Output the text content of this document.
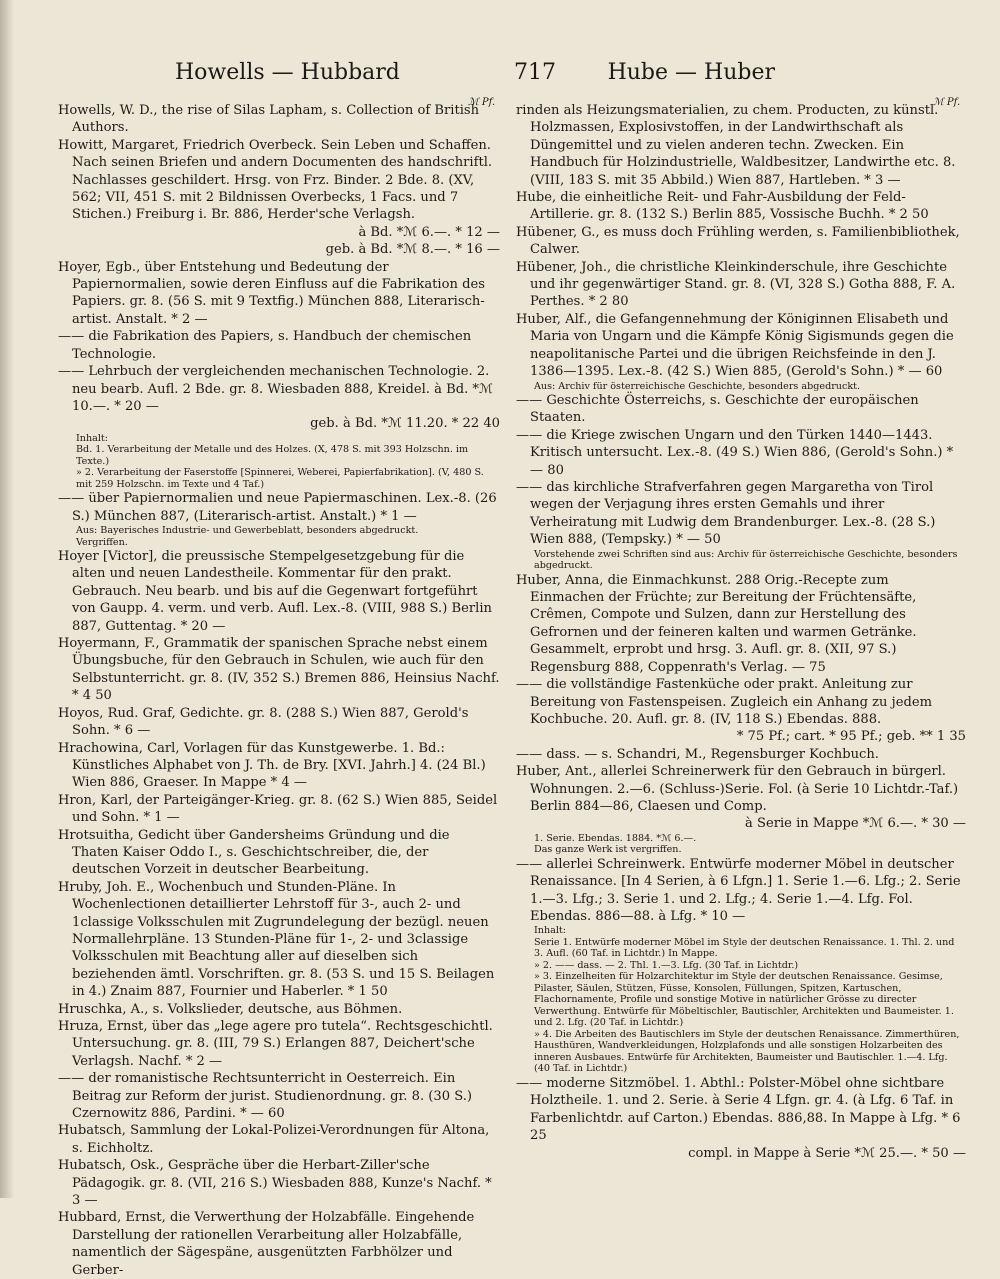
Howells — Hubbard	717 Hube — Huber
ℳ Pf.	ℳ Pf.
Howells, W. D., the rise of Silas Lapham, s. Collection of British Authors.
Howitt, Margaret, Friedrich Overbeck. Sein Leben und Schaffen. Nach seinen Briefen und andern Documenten des handschriftl. Nachlasses geschildert. Hrsg. von Frz. Binder. 2 Bde. 8. (XV, 562; VII, 451 S. mit 2 Bildnissen Overbecks, 1 Facs. und 7 Stichen.) Freiburg i. Br. 886, Herder'sche Verlagsh.
à Bd. *ℳ 6.—. * 12 —
geb. à Bd. *ℳ 8.—. * 16 —
Hoyer, Egb., über Entstehung und Bedeutung der Papiernormalien, sowie deren Einfluss auf die Fabrikation des Papiers. gr. 8. (56 S. mit 9 Textfig.) München 888, Literarisch-artist. Anstalt. * 2 —
—— die Fabrikation des Papiers, s. Handbuch der chemischen Technologie.
—— Lehrbuch der vergleichenden mechanischen Technologie. 2. neu bearb. Aufl. 2 Bde. gr. 8. Wiesbaden 888, Kreidel. à Bd. *ℳ 10.—. * 20 —
geb. à Bd. *ℳ 11.20. * 22 40
Inhalt:
Bd. 1. Verarbeitung der Metalle und des Holzes. (X, 478 S. mit 393 Holzschn. im Texte.)
» 2. Verarbeitung der Faserstoffe [Spinnerei, Weberei, Papierfabrikation]. (V, 480 S. mit 259 Holzschn. im Texte und 4 Taf.)
—— über Papiernormalien und neue Papiermaschinen. Lex.-8. (26 S.) München 887, (Literarisch-artist. Anstalt.) * 1 —
Aus: Bayerisches Industrie- und Gewerbeblatt, besonders abgedruckt.
Vergriffen.
Hoyer [Victor], die preussische Stempelgesetzgebung für die alten und neuen Landestheile. Kommentar für den prakt. Gebrauch. Neu bearb. und bis auf die Gegenwart fortgeführt von Gaupp. 4. verm. und verb. Aufl. Lex.-8. (VIII, 988 S.) Berlin 887, Guttentag. * 20 —
Hoyermann, F., Grammatik der spanischen Sprache nebst einem Übungsbuche, für den Gebrauch in Schulen, wie auch für den Selbstunterricht. gr. 8. (IV, 352 S.) Bremen 886, Heinsius Nachf. * 4 50
Hoyos, Rud. Graf, Gedichte. gr. 8. (288 S.) Wien 887, Gerold's Sohn. * 6 —
Hrachowina, Carl, Vorlagen für das Kunstgewerbe. 1. Bd.: Künstliches Alphabet von J. Th. de Bry. [XVI. Jahrh.] 4. (24 Bl.) Wien 886, Graeser. In Mappe * 4 —
Hron, Karl, der Parteigänger-Krieg. gr. 8. (62 S.) Wien 885, Seidel und Sohn. * 1 —
Hrotsuitha, Gedicht über Gandersheims Gründung und die Thaten Kaiser Oddo I., s. Geschichtschreiber, die, der deutschen Vorzeit in deutscher Bearbeitung.
Hruby, Joh. E., Wochenbuch und Stunden-Pläne. In Wochenlectionen detaillierter Lehrstoff für 3-, auch 2- und 1classige Volksschulen mit Zugrundelegung der bezügl. neuen Normallehrpläne. 13 Stunden-Pläne für 1-, 2- und 3classige Volksschulen mit Beachtung aller auf dieselben sich beziehenden ämtl. Vorschriften. gr. 8. (53 S. und 15 S. Beilagen in 4.) Znaim 887, Fournier und Haberler. * 1 50
Hruschka, A., s. Volkslieder, deutsche, aus Böhmen.
Hruza, Ernst, über das „lege agere pro tutela“. Rechtsgeschichtl. Untersuchung. gr. 8. (III, 79 S.) Erlangen 887, Deichert'sche Verlagsh. Nachf. * 2 —
—— der romanistische Rechtsunterricht in Oesterreich. Ein Beitrag zur Reform der jurist. Studienordnung. gr. 8. (30 S.) Czernowitz 886, Pardini. * — 60
Hubatsch, Sammlung der Lokal-Polizei-Verordnungen für Altona, s. Eichholtz.
Hubatsch, Osk., Gespräche über die Herbart-Ziller'sche Pädagogik. gr. 8. (VII, 216 S.) Wiesbaden 888, Kunze's Nachf. * 3 —
Hubbard, Ernst, die Verwerthung der Holzabfälle. Eingehende Darstellung der rationellen Verarbeitung aller Holzabfälle, namentlich der Sägespäne, ausgenützten Farbhölzer und Gerber-
rinden als Heizungsmaterialien, zu chem. Producten, zu künstl. Holzmassen, Explosivstoffen, in der Landwirthschaft als Düngemittel und zu vielen anderen techn. Zwecken. Ein Handbuch für Holzindustrielle, Waldbesitzer, Landwirthe etc. 8. (VIII, 183 S. mit 35 Abbild.) Wien 887, Hartleben. * 3 —
Hube, die einheitliche Reit- und Fahr-Ausbildung der Feld-Artillerie. gr. 8. (132 S.) Berlin 885, Vossische Buchh. * 2 50
Hübener, G., es muss doch Frühling werden, s. Familienbibliothek, Calwer.
Hübener, Joh., die christliche Kleinkinderschule, ihre Geschichte und ihr gegenwärtiger Stand. gr. 8. (VI, 328 S.) Gotha 888, F. A. Perthes. * 2 80
Huber, Alf., die Gefangennehmung der Königinnen Elisabeth und Maria von Ungarn und die Kämpfe König Sigismunds gegen die neapolitanische Partei und die übrigen Reichsfeinde in den J. 1386—1395. Lex.-8. (42 S.) Wien 885, (Gerold's Sohn.) * — 60
Aus: Archiv für österreichische Geschichte, besonders abgedruckt.
—— Geschichte Österreichs, s. Geschichte der europäischen Staaten.
—— die Kriege zwischen Ungarn und den Türken 1440—1443. Kritisch untersucht. Lex.-8. (49 S.) Wien 886, (Gerold's Sohn.) * — 80
—— das kirchliche Strafverfahren gegen Margaretha von Tirol wegen der Verjagung ihres ersten Gemahls und ihrer Verheiratung mit Ludwig dem Brandenburger. Lex.-8. (28 S.) Wien 888, (Tempsky.) * — 50
Vorstehende zwei Schriften sind aus: Archiv für österreichische Geschichte, besonders abgedruckt.
Huber, Anna, die Einmachkunst. 288 Orig.-Recepte zum Einmachen der Früchte; zur Bereitung der Früchtensäfte, Crêmen, Compote und Sulzen, dann zur Herstellung des Gefrornen und der feineren kalten und warmen Getränke. Gesammelt, erprobt und hrsg. 3. Aufl. gr. 8. (XII, 97 S.) Regensburg 888, Coppenrath's Verlag. — 75
—— die vollständige Fastenküche oder prakt. Anleitung zur Bereitung von Fastenspeisen. Zugleich ein Anhang zu jedem Kochbuche. 20. Aufl. gr. 8. (IV, 118 S.) Ebendas. 888.
* 75 Pf.; cart. * 95 Pf.; geb. ** 1 35
—— dass. — s. Schandri, M., Regensburger Kochbuch.
Huber, Ant., allerlei Schreinerwerk für den Gebrauch in bürgerl. Wohnungen. 2.—6. (Schluss-)Serie. Fol. (à Serie 10 Lichtdr.-Taf.) Berlin 884—86, Claesen und Comp.
à Serie in Mappe *ℳ 6.—. * 30 —
1. Serie. Ebendas. 1884. *ℳ 6.—.
Das ganze Werk ist vergriffen.
—— allerlei Schreinwerk. Entwürfe moderner Möbel in deutscher Renaissance. [In 4 Serien, à 6 Lfgn.] 1. Serie 1.—6. Lfg.; 2. Serie 1.—3. Lfg.; 3. Serie 1. und 2. Lfg.; 4. Serie 1.—4. Lfg. Fol. Ebendas. 886—88. à Lfg. * 10 —
Inhalt:
Serie 1. Entwürfe moderner Möbel im Style der deutschen Renaissance. 1. Thl. 2. und 3. Aufl. (60 Taf. in Lichtdr.) In Mappe.
» 2. —— dass. — 2. Thl. 1.—3. Lfg. (30 Taf. in Lichtdr.)
» 3. Einzelheiten für Holzarchitektur im Style der deutschen Renaissance. Gesimse, Pilaster, Säulen, Stützen, Füsse, Konsolen, Füllungen, Spitzen, Kartuschen, Flachornamente, Profile und sonstige Motive in natürlicher Grösse zu directer Verwerthung. Entwürfe für Möbeltischler, Bautischler, Architekten und Baumeister. 1. und 2. Lfg. (20 Taf. in Lichtdr.)
» 4. Die Arbeiten des Bautischlers im Style der deutschen Renaissance. Zimmerthüren, Hausthüren, Wandverkleidungen, Holzplafonds und alle sonstigen Holzarbeiten des inneren Ausbaues. Entwürfe für Architekten, Baumeister und Bautischler. 1.—4. Lfg. (40 Taf. in Lichtdr.)
—— moderne Sitzmöbel. 1. Abthl.: Polster-Möbel ohne sichtbare Holztheile. 1. und 2. Serie. à Serie 4 Lfgn. gr. 4. (à Lfg. 6 Taf. in Farbenlichtdr. auf Carton.) Ebendas. 886,88. In Mappe à Lfg. * 6 25
compl. in Mappe à Serie *ℳ 25.—. * 50 —
